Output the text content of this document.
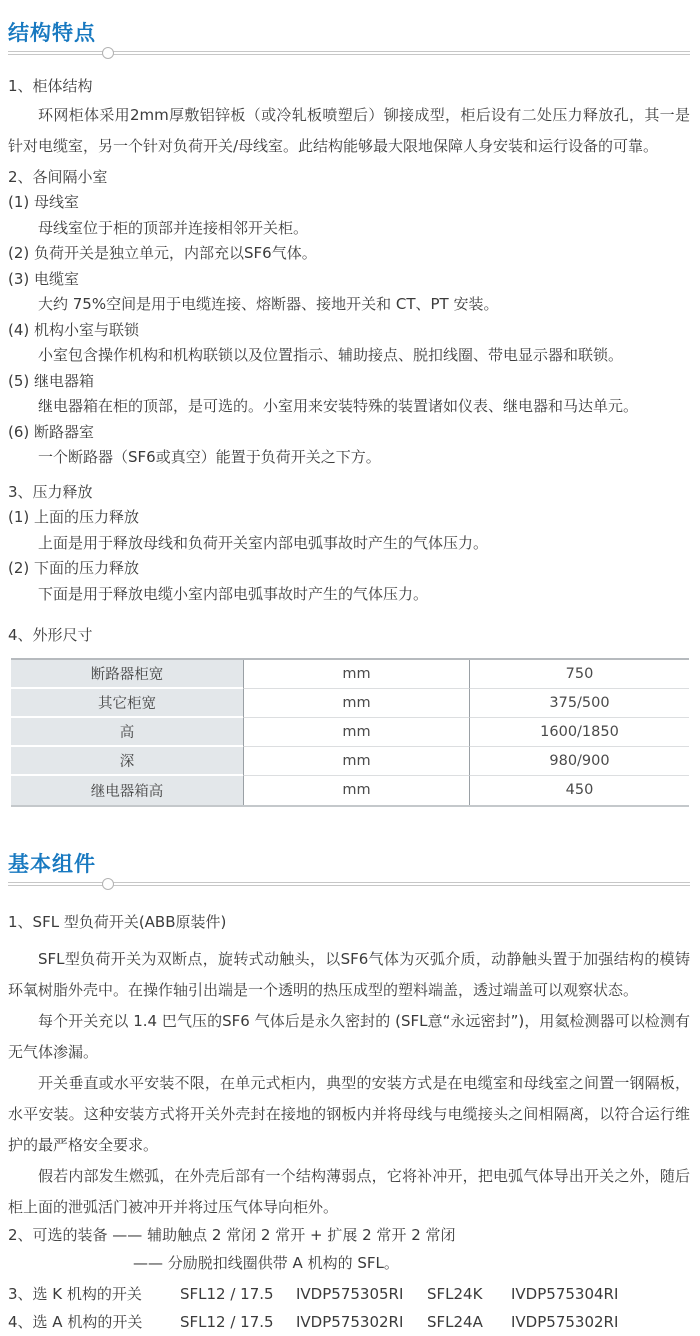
结构特点
1、柜体结构
环网柜体采用2mm厚敷铝锌板（或冷轧板喷塑后）铆接成型，柜后设有二处压力释放孔，其一是针对电缆室，另一个针对负荷开关/母线室。此结构能够最大限地保障人身安装和运行设备的可靠。
2、各间隔小室
(1) 母线室
母线室位于柜的顶部并连接相邻开关柜。
(2) 负荷开关是独立单元，内部充以SF6气体。
(3) 电缆室
大约 75%空间是用于电缆连接、熔断器、接地开关和 CT、PT 安装。
(4) 机构小室与联锁
小室包含操作机构和机构联锁以及位置指示、辅助接点、脱扣线圈、带电显示器和联锁。
(5) 继电器箱
继电器箱在柜的顶部，是可选的。小室用来安装特殊的装置诸如仪表、继电器和马达单元。
(6) 断路器室
一个断路器（SF6或真空）能置于负荷开关之下方。
3、压力释放
(1) 上面的压力释放
上面是用于释放母线和负荷开关室内部电弧事故时产生的气体压力。
(2) 下面的压力释放
下面是用于释放电缆小室内部电弧事故时产生的气体压力。
4、外形尺寸
断路器柜宽	mm	750
其它柜宽	mm	375/500
高	mm	1600/1850
深	mm	980/900
继电器箱高	mm	450
基本组件
1、SFL 型负荷开关(ABB原装件)
SFL型负荷开关为双断点，旋转式动触头，以SF6气体为灭弧介质，动静触头置于加强结构的模铸环氧树脂外壳中。在操作轴引出端是一个透明的热压成型的塑料端盖，透过端盖可以观察状态。
每个开关充以 1.4 巴气压的SF6 气体后是永久密封的 (SFL意“永远密封”)，用氦检测器可以检测有无气体渗漏。
开关垂直或水平安装不限，在单元式柜内，典型的安装方式是在电缆室和母线室之间置一钢隔板，水平安装。这种安装方式将开关外壳封在接地的钢板内并将母线与电缆接头之间相隔离，以符合运行维护的最严格安全要求。
假若内部发生燃弧，在外壳后部有一个结构薄弱点，它将补冲开，把电弧气体导出开关之外，随后柜上面的泄弧活门被冲开并将过压气体导向柜外。
2、可选的装备 —— 辅助触点 2 常闭 2 常开 + 扩展 2 常开 2 常闭
—— 分励脱扣线圈供带 A 机构的 SFL。
3、选 K 机构的开关	SFL12 / 17.5	IVDP575305RI	SFL24K	IVDP575304RI
4、选 A 机构的开关	SFL12 / 17.5	IVDP575302RI	SFL24A	IVDP575302RI
